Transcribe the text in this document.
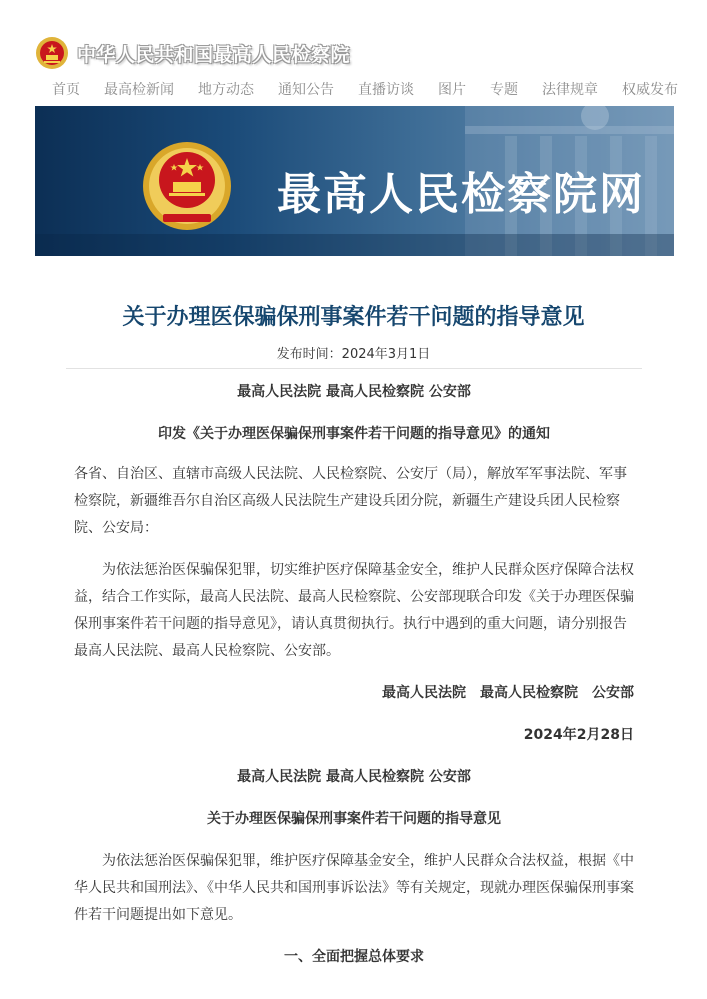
中华人民共和国最高人民检察院
首页	最高检新闻	地方动态	通知公告	直播访谈	图片	专题	法律规章	权威发布
最高人民检察院网
关于办理医保骗保刑事案件若干问题的指导意见
发布时间：2024年3月1日

最高人民法院 最高人民检察院 公安部

印发《关于办理医保骗保刑事案件若干问题的指导意见》的通知

各省、自治区、直辖市高级人民法院、人民检察院、公安厅（局），解放军军事法院、军事检察院，新疆维吾尔自治区高级人民法院生产建设兵团分院，新疆生产建设兵团人民检察院、公安局：

为依法惩治医保骗保犯罪，切实维护医疗保障基金安全，维护人民群众医疗保障合法权益，结合工作实际，最高人民法院、最高人民检察院、公安部现联合印发《关于办理医保骗保刑事案件若干问题的指导意见》，请认真贯彻执行。执行中遇到的重大问题，请分别报告最高人民法院、最高人民检察院、公安部。

最高人民法院　最高人民检察院　公安部

2024年2月28日

最高人民法院 最高人民检察院 公安部

关于办理医保骗保刑事案件若干问题的指导意见

为依法惩治医保骗保犯罪，维护医疗保障基金安全，维护人民群众合法权益，根据《中华人民共和国刑法》、《中华人民共和国刑事诉讼法》等有关规定，现就办理医保骗保刑事案件若干问题提出如下意见。

一、全面把握总体要求
